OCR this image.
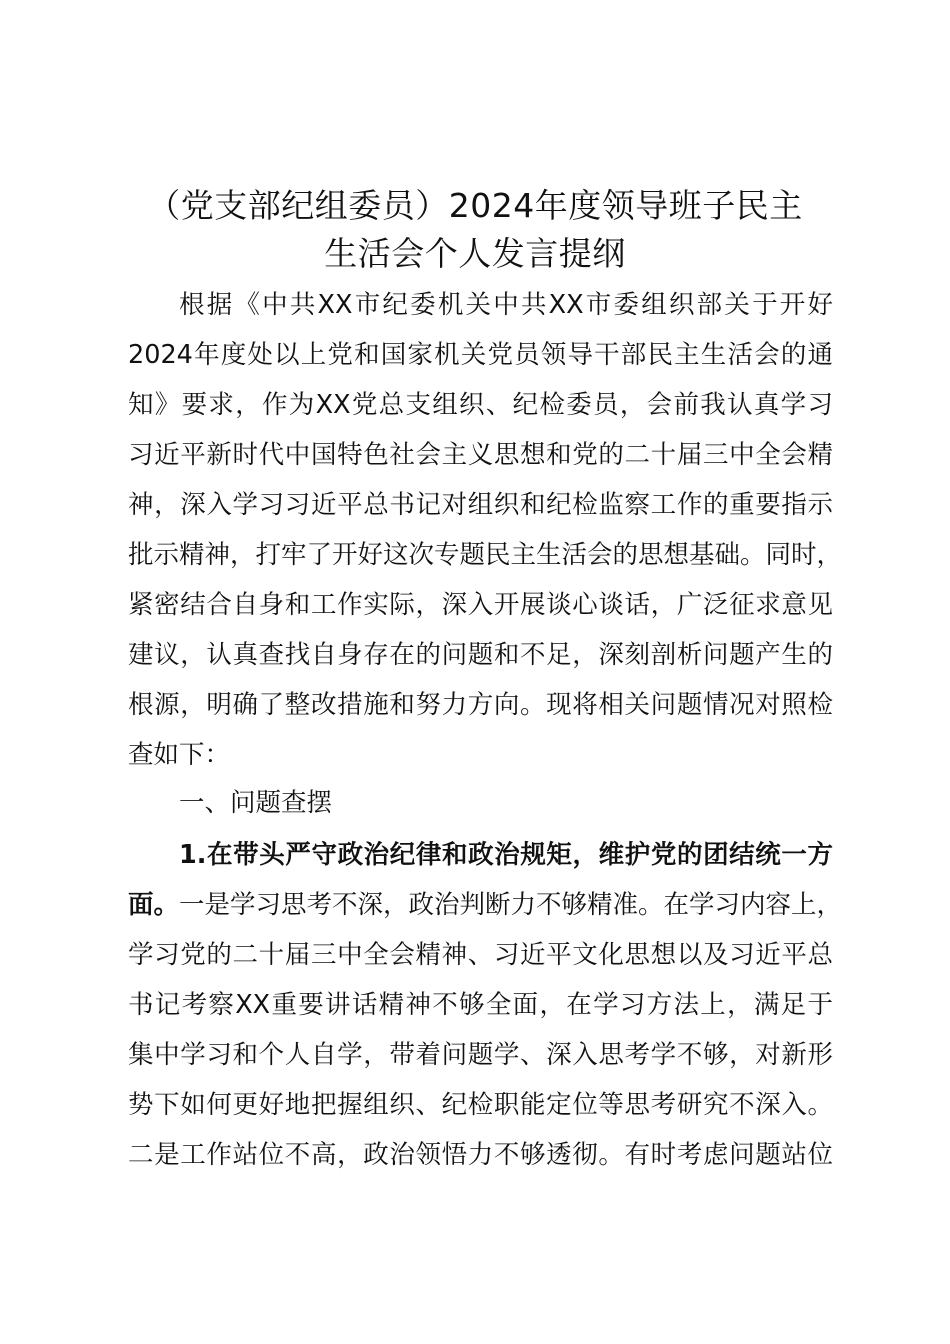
（党支部纪组委员）2024年度领导班子民主
生活会个人发言提纲
根据《中共XX市纪委机关中共XX市委组织部关于开好
2024年度处以上党和国家机关党员领导干部民主生活会的通
知》要求，作为XX党总支组织、纪检委员，会前我认真学习
习近平新时代中国特色社会主义思想和党的二十届三中全会精
神，深入学习习近平总书记对组织和纪检监察工作的重要指示
批示精神，打牢了开好这次专题民主生活会的思想基础。同时，
紧密结合自身和工作实际，深入开展谈心谈话，广泛征求意见
建议，认真查找自身存在的问题和不足，深刻剖析问题产生的
根源，明确了整改措施和努力方向。现将相关问题情况对照检
查如下：
一、问题查摆
1.在带头严守政治纪律和政治规矩，维护党的团结统一方
面。一是学习思考不深，政治判断力不够精准。在学习内容上，
学习党的二十届三中全会精神、习近平文化思想以及习近平总
书记考察XX重要讲话精神不够全面，在学习方法上，满足于
集中学习和个人自学，带着问题学、深入思考学不够，对新形
势下如何更好地把握组织、纪检职能定位等思考研究不深入。
二是工作站位不高，政治领悟力不够透彻。有时考虑问题站位
